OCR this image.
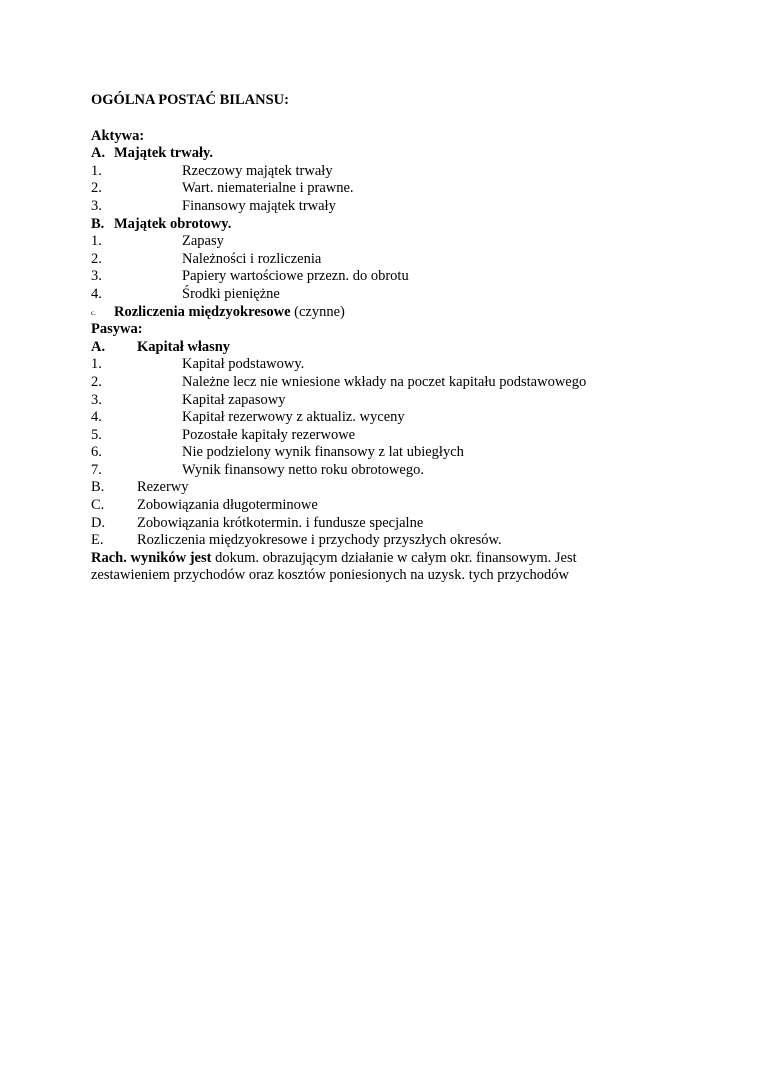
OGÓLNA POSTAĆ BILANSU:
Aktywa:
A. Majątek trwały.
1.	Rzeczowy majątek trwały
2.	Wart. niematerialne i prawne.
3.	Finansowy majątek trwały
B. Majątek obrotowy.
1.	Zapasy
2.	Należności i rozliczenia
3.	Papiery wartościowe przezn. do obrotu
4.	Środki pieniężne
c. Rozliczenia międzyokresowe (czynne)
Pasywa:
A. Kapitał własny
1.	Kapitał podstawowy.
2.	Należne lecz nie wniesione wkłady na poczet kapitału podstawowego
3.	Kapitał zapasowy
4.	Kapitał rezerwowy z aktualiz. wyceny
5.	Pozostałe kapitały rezerwowe
6.	Nie podzielony wynik finansowy z lat ubiegłych
7.	Wynik finansowy netto roku obrotowego.
B. Rezerwy
C. Zobowiązania długoterminowe
D. Zobowiązania krótkotermin. i fundusze specjalne
E. Rozliczenia międzyokresowe i przychody przyszłych okresów.
Rach. wyników jest dokum. obrazującym działanie w całym okr. finansowym. Jest
zestawieniem przychodów oraz kosztów poniesionych na uzysk. tych przychodów
